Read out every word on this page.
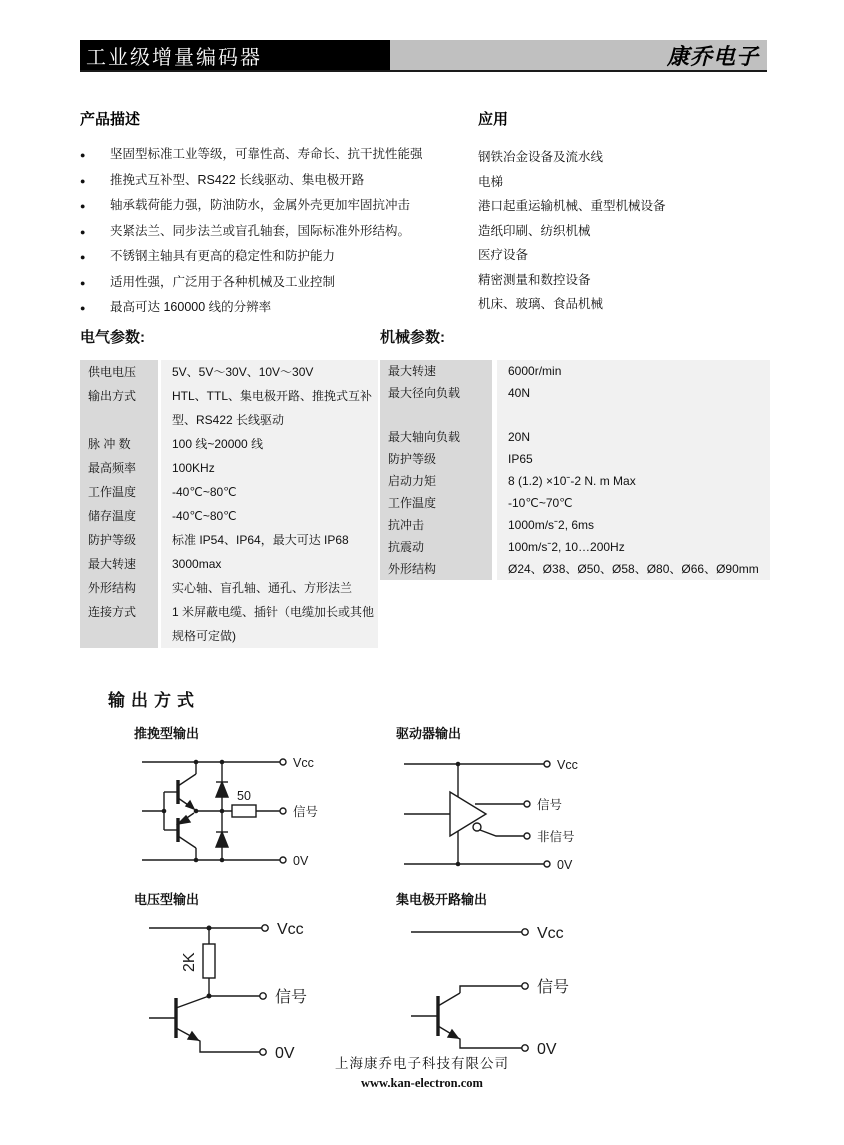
工业级增量编码器	康乔电子
产品描述
●	坚固型标准工业等级，可靠性高、寿命长、抗干扰性能强
●	推挽式互补型、RS422 长线驱动、集电极开路
●	轴承载荷能力强，防油防水，金属外壳更加牢固抗冲击
●	夹紧法兰、同步法兰或盲孔轴套，国际标准外形结构。
●	不锈钢主轴具有更高的稳定性和防护能力
●	适用性强，广泛用于各种机械及工业控制
●	最高可达 160000 线的分辨率
应用
钢铁冶金设备及流水线
电梯
港口起重运输机械、重型机械设备
造纸印刷、纺织机械
医疗设备
精密测量和数控设备
机床、玻璃、食品机械
电气参数:
供电电压	5V、5V～30V、10V～30V
输出方式	HTL、TTL、集电极开路、推挽式互补型、RS422 长线驱动
脉 冲 数	100 线~20000 线
最高频率	100KHz
工作温度	-40℃~80℃
储存温度	-40℃~80℃
防护等级	标准 IP54、IP64，最大可达 IP68
最大转速	3000max
外形结构	实心轴、盲孔轴、通孔、方形法兰
连接方式	1 米屏蔽电缆、插针（电缆加长或其他规格可定做)
机械参数:
最大转速	6000r/min
最大径向负载	40N
最大轴向负载	20N
防护等级	IP65
启动力矩	8 (1.2) ×10ˉ-2 N. m Max
工作温度	-10℃~70℃
抗冲击	1000m/sˉ2, 6ms
抗震动	100m/sˉ2, 10…200Hz
外形结构	Ø24、Ø38、Ø50、Ø58、Ø80、Ø66、Ø90mm
输出方式
推挽型输出
50
Vcc
信号
0V
驱动器输出
Vcc
信号
非信号
0V
电压型输出
2K
Vcc
信号
0V
集电极开路输出
Vcc
信号
0V
上海康乔电子科技有限公司
www.kan-electron.com
